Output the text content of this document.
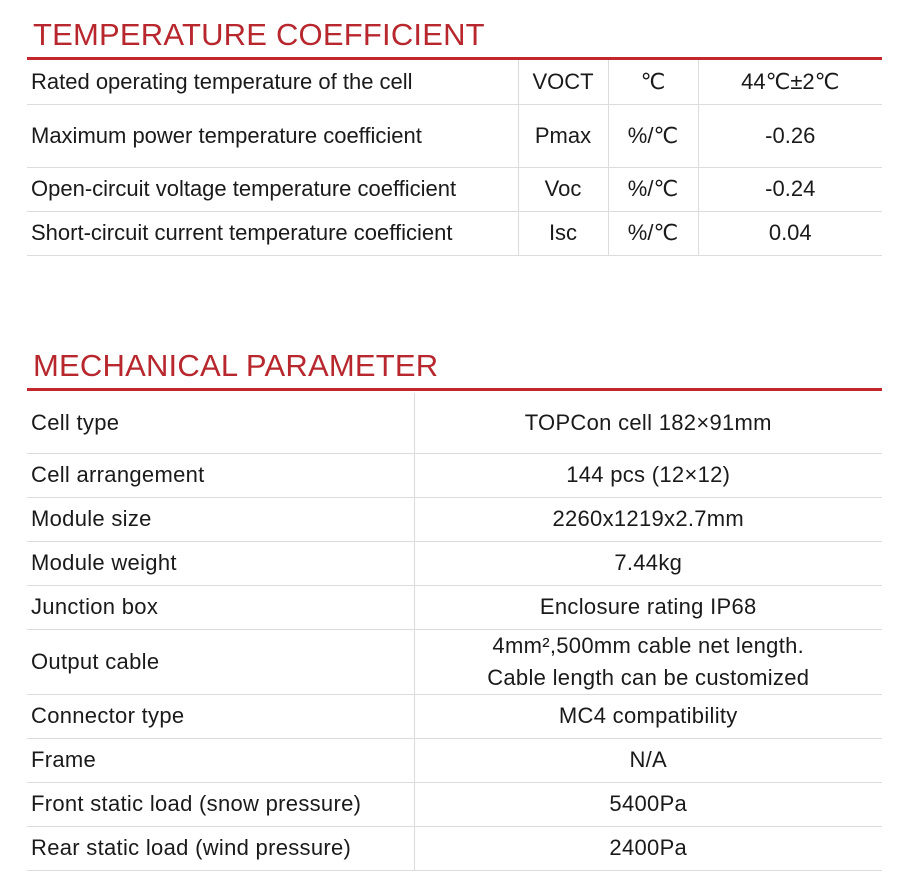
TEMPERATURE COEFFICIENT
Rated operating temperature of the cell	VOCT	℃	44℃±2℃
Maximum power temperature coefficient	Pmax	%/℃	-0.26
Open-circuit voltage temperature coefficient	Voc	%/℃	-0.24
Short-circuit current temperature coefficient	Isc	%/℃	0.04
MECHANICAL PARAMETER
Cell type	TOPCon cell 182×91mm
Cell arrangement	144 pcs (12×12)
Module size	2260x1219x2.7mm
Module weight	7.44kg
Junction box	Enclosure rating IP68
Output cable	4mm²,500mm cable net length.
Cable length can be customized

Connector type	MC4 compatibility
Frame	N/A
Front static load (snow pressure)	5400Pa
Rear static load (wind pressure)	2400Pa
